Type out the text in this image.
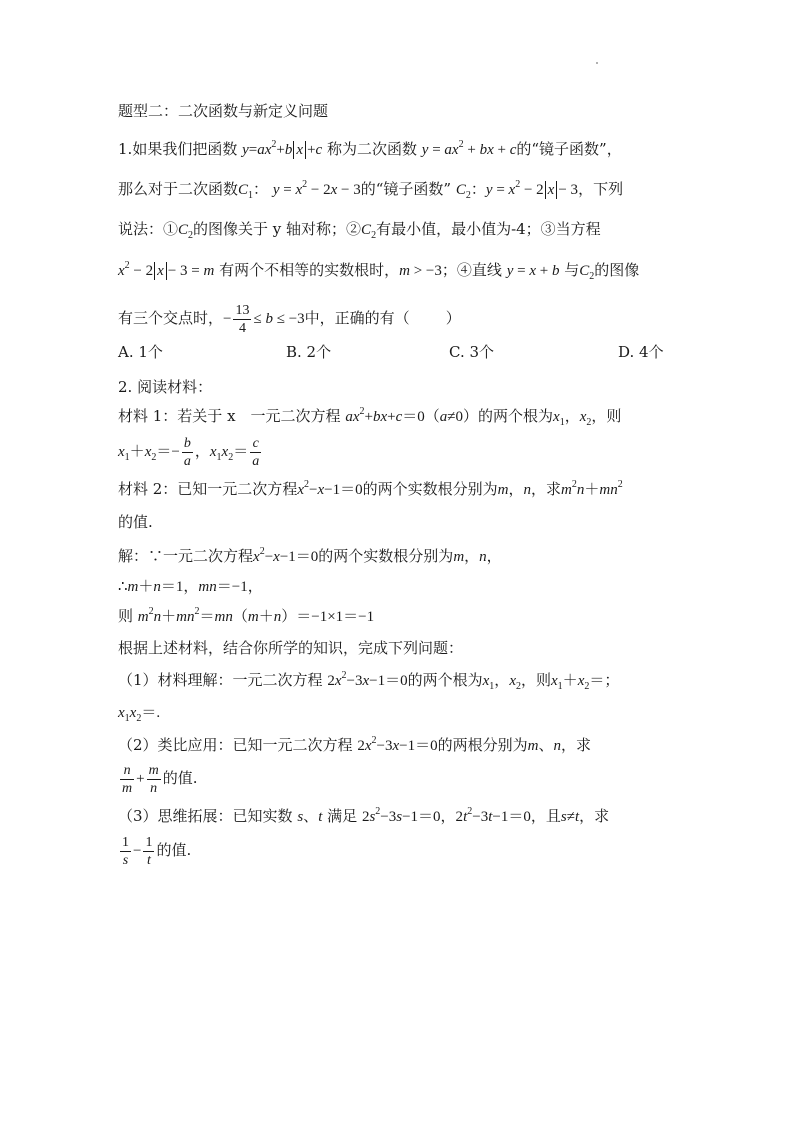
题型二：二次函数与新定义问题
1.如果我们把函数 $y=ax^2+b$ x +c 称为二次函数 $y = ax^2$ + bx + c的“镜子函数”，
那么对于二次函数$C_1$： $y = x^2 - 2x - 3$的“镜子函数” $C_2$：$y = x^2 - 2$ x − 3，下列
说法：$①C_2$的图像关于 y 轴对称；$②C_2$有最小值，最小值为-4；③当方程
$x^2 - 2$ x − 3 = m 有两个不相等的实数根时，m > −3；④直线 y = x + b 与$C_2$的图像
有三个交点时，− $\frac{13}{4} \le b \le -3$中，正确的有（ ）
A. 1个	B. 2个	C. 3个	D. 4个
2. 阅读材料：
材料 1：若关于 x　一元二次方程 $ax^2+bx+c=0(a\ne 0)$的两个根为$x_1$，$x_2$，则
$x_1+x_2=- \frac{b}{a}$ ，$x_1x_2= \frac{c}{a}$
材料 2：已知一元二次方程$x^2-x-1=0$的两个实数根分别为m，n，求$m^2n+mn^2$
的值.
解：∵一元二次方程$x^2-x-1=0$的两个实数根分别为m，n，
∴m＋n＝1，mn＝−1，
则 $m^2n+mn^2=mn(m+n)=-1\times 1=-1$
根据上述材料，结合你所学的知识，完成下列问题：
（1）材料理解：一元二次方程 $2x^2-3x-1=0$的两个根为$x_1$，$x_2$，则$x_1+x_2=$；
$x_1x_2=$.
（2）类比应用：已知一元二次方程 $2x^2-3x-1=0$的两根分别为m、n，求
$\frac{n}{m} + \frac{m}{n}$ 的值.
（3）思维拓展：已知实数 s、t 满足 $2s^2-3s-1=0$，$2t^2-3t-1=0$，且s≠t，求
$\frac{1}{s} - \frac{1}{t}$ 的值.
